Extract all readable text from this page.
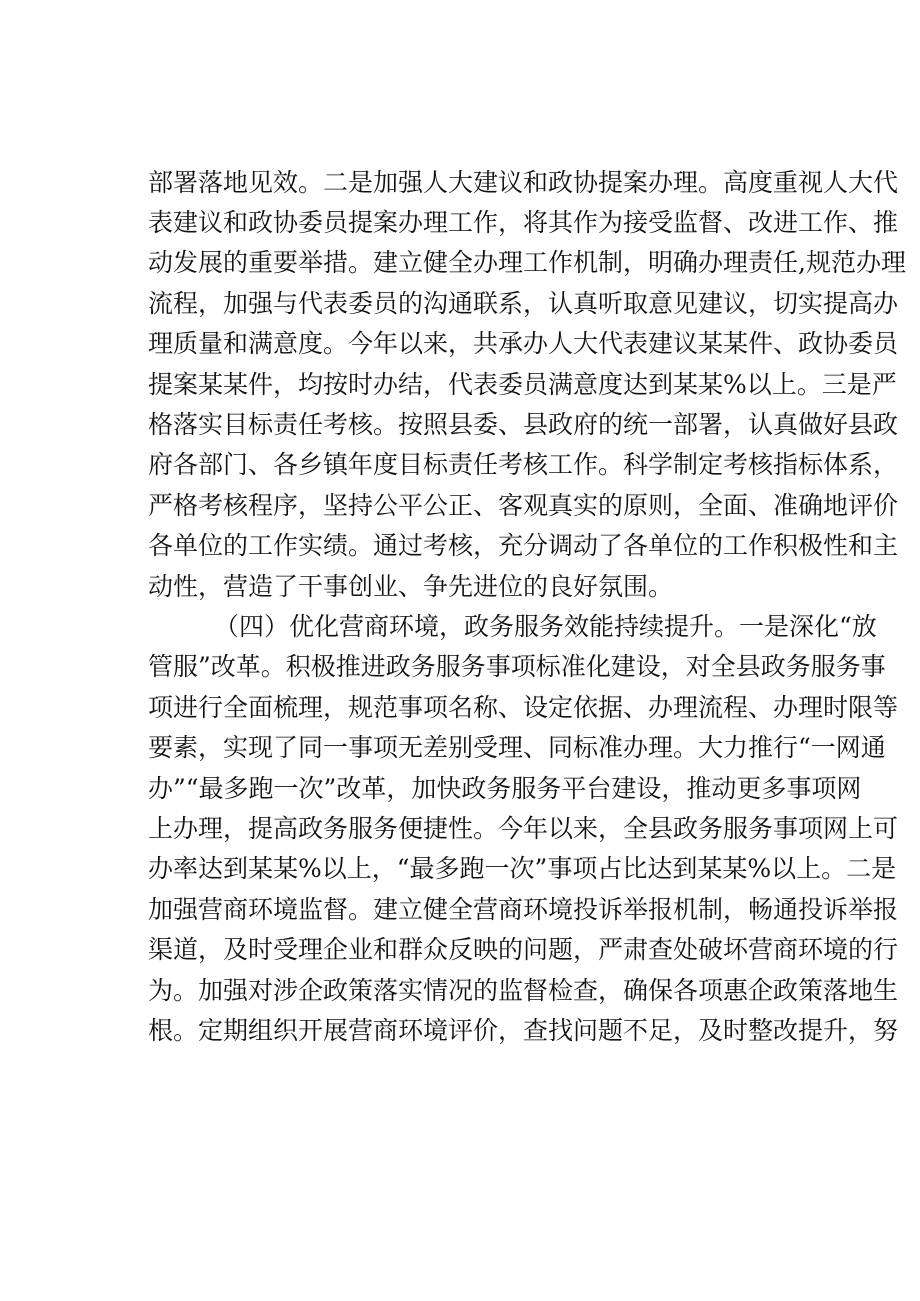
部署落地见效。二是加强人大建议和政协提案办理。高度重视人大代
表建议和政协委员提案办理工作，将其作为接受监督、改进工作、推
动发展的重要举措。建立健全办理工作机制，明确办理责任,规范办理
流程，加强与代表委员的沟通联系，认真听取意见建议，切实提高办
理质量和满意度。今年以来，共承办人大代表建议某某件、政协委员
提案某某件，均按时办结，代表委员满意度达到某某%以上。三是严
格落实目标责任考核。按照县委、县政府的统一部署，认真做好县政
府各部门、各乡镇年度目标责任考核工作。科学制定考核指标体系，
严格考核程序，坚持公平公正、客观真实的原则，全面、准确地评价
各单位的工作实绩。通过考核，充分调动了各单位的工作积极性和主
动性，营造了干事创业、争先进位的良好氛围。
（四）优化营商环境，政务服务效能持续提升。一是深化“放
管服”改革。积极推进政务服务事项标准化建设，对全县政务服务事
项进行全面梳理，规范事项名称、设定依据、办理流程、办理时限等
要素，实现了同一事项无差别受理、同标准办理。大力推行“一网通
办”“最多跑一次”改革，加快政务服务平台建设，推动更多事项网
上办理，提高政务服务便捷性。今年以来，全县政务服务事项网上可
办率达到某某%以上，“最多跑一次”事项占比达到某某%以上。二是
加强营商环境监督。建立健全营商环境投诉举报机制，畅通投诉举报
渠道，及时受理企业和群众反映的问题，严肃查处破坏营商环境的行
为。加强对涉企政策落实情况的监督检查，确保各项惠企政策落地生
根。定期组织开展营商环境评价，查找问题不足，及时整改提升，努
